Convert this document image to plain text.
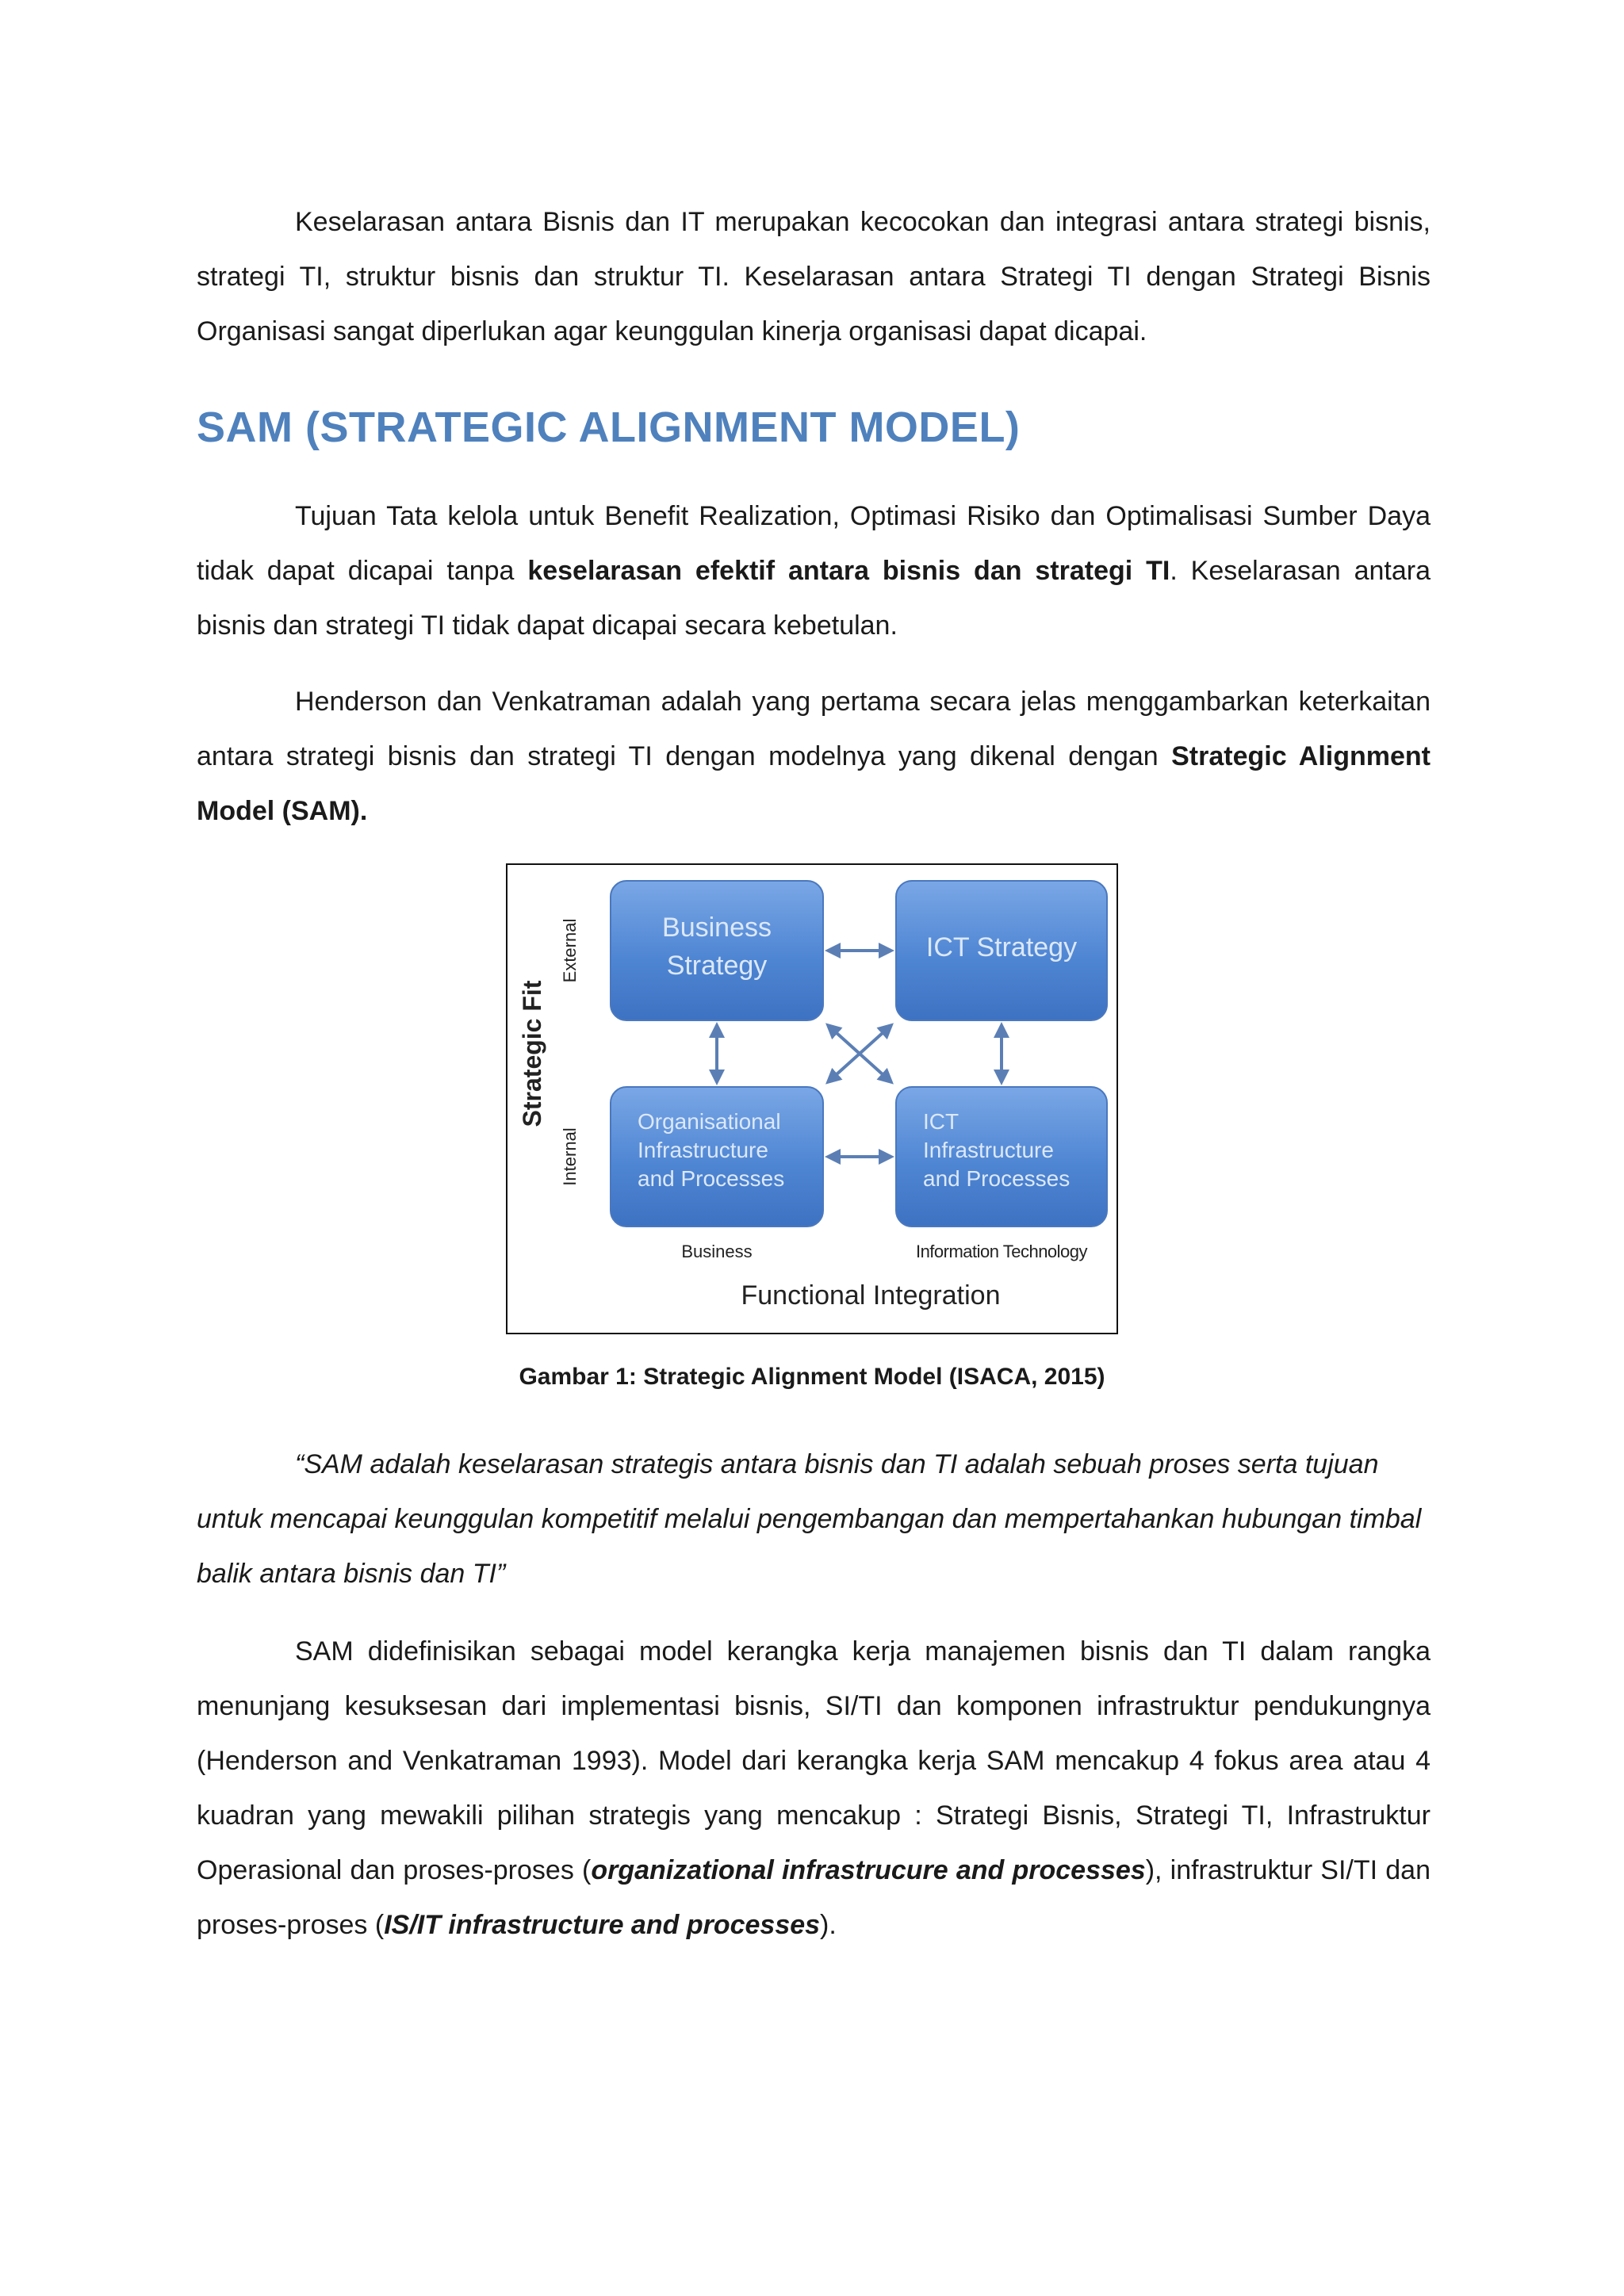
Keselarasan antara Bisnis dan IT merupakan kecocokan dan integrasi antara strategi bisnis, strategi TI, struktur bisnis dan struktur TI. Keselarasan antara Strategi TI dengan Strategi Bisnis Organisasi sangat diperlukan agar keunggulan kinerja organisasi dapat dicapai.

SAM (STRATEGIC ALIGNMENT MODEL)

Tujuan Tata kelola untuk Benefit Realization, Optimasi Risiko dan Optimalisasi Sumber Daya tidak dapat dicapai tanpa keselarasan efektif antara bisnis dan strategi TI. Keselarasan antara bisnis dan strategi TI tidak dapat dicapai secara kebetulan.

Henderson dan Venkatraman adalah yang pertama secara jelas menggambarkan keterkaitan antara strategi bisnis dan strategi TI dengan modelnya yang dikenal dengan Strategic Alignment Model (SAM).

Business
Strategy
ICT Strategy
Organisational
Infrastructure
and Processes
ICT
Infrastructure
and Processes
Strategic Fit
External
Internal
Business	Information Technology
Functional Integration

Gambar 1: Strategic Alignment Model (ISACA, 2015)

“SAM adalah keselarasan strategis antara bisnis dan TI adalah sebuah proses serta tujuan untuk mencapai keunggulan kompetitif melalui pengembangan dan mempertahankan hubungan timbal balik antara bisnis dan TI”

SAM didefinisikan sebagai model kerangka kerja manajemen bisnis dan TI dalam rangka menunjang kesuksesan dari implementasi bisnis, SI/TI dan komponen infrastruktur pendukungnya (Henderson and Venkatraman 1993). Model dari kerangka kerja SAM mencakup 4 fokus area atau 4 kuadran yang mewakili pilihan strategis yang mencakup : Strategi Bisnis, Strategi TI, Infrastruktur Operasional dan proses-proses (organizational infrastrucure and processes), infrastruktur SI/TI dan proses-proses (IS/IT infrastructure and processes).
